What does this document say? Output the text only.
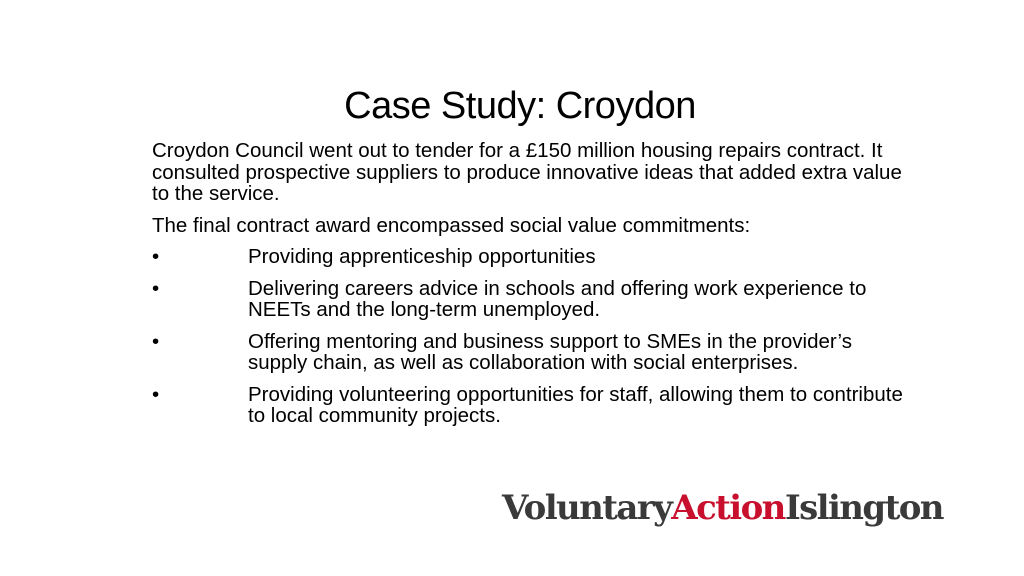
Case Study: Croydon

Croydon Council went out to tender for a £150 million housing repairs contract. It consulted prospective suppliers to produce innovative ideas that added extra value to the service.

The final contract award encompassed social value commitments:

•	Providing apprenticeship opportunities
•	Delivering careers advice in schools and offering work experience to NEETs and the long-term unemployed.
•	Offering mentoring and business support to SMEs in the provider’s supply chain, as well as collaboration with social enterprises.
•	Providing volunteering opportunities for staff, allowing them to contribute to local community projects.
VoluntaryActionIslington
